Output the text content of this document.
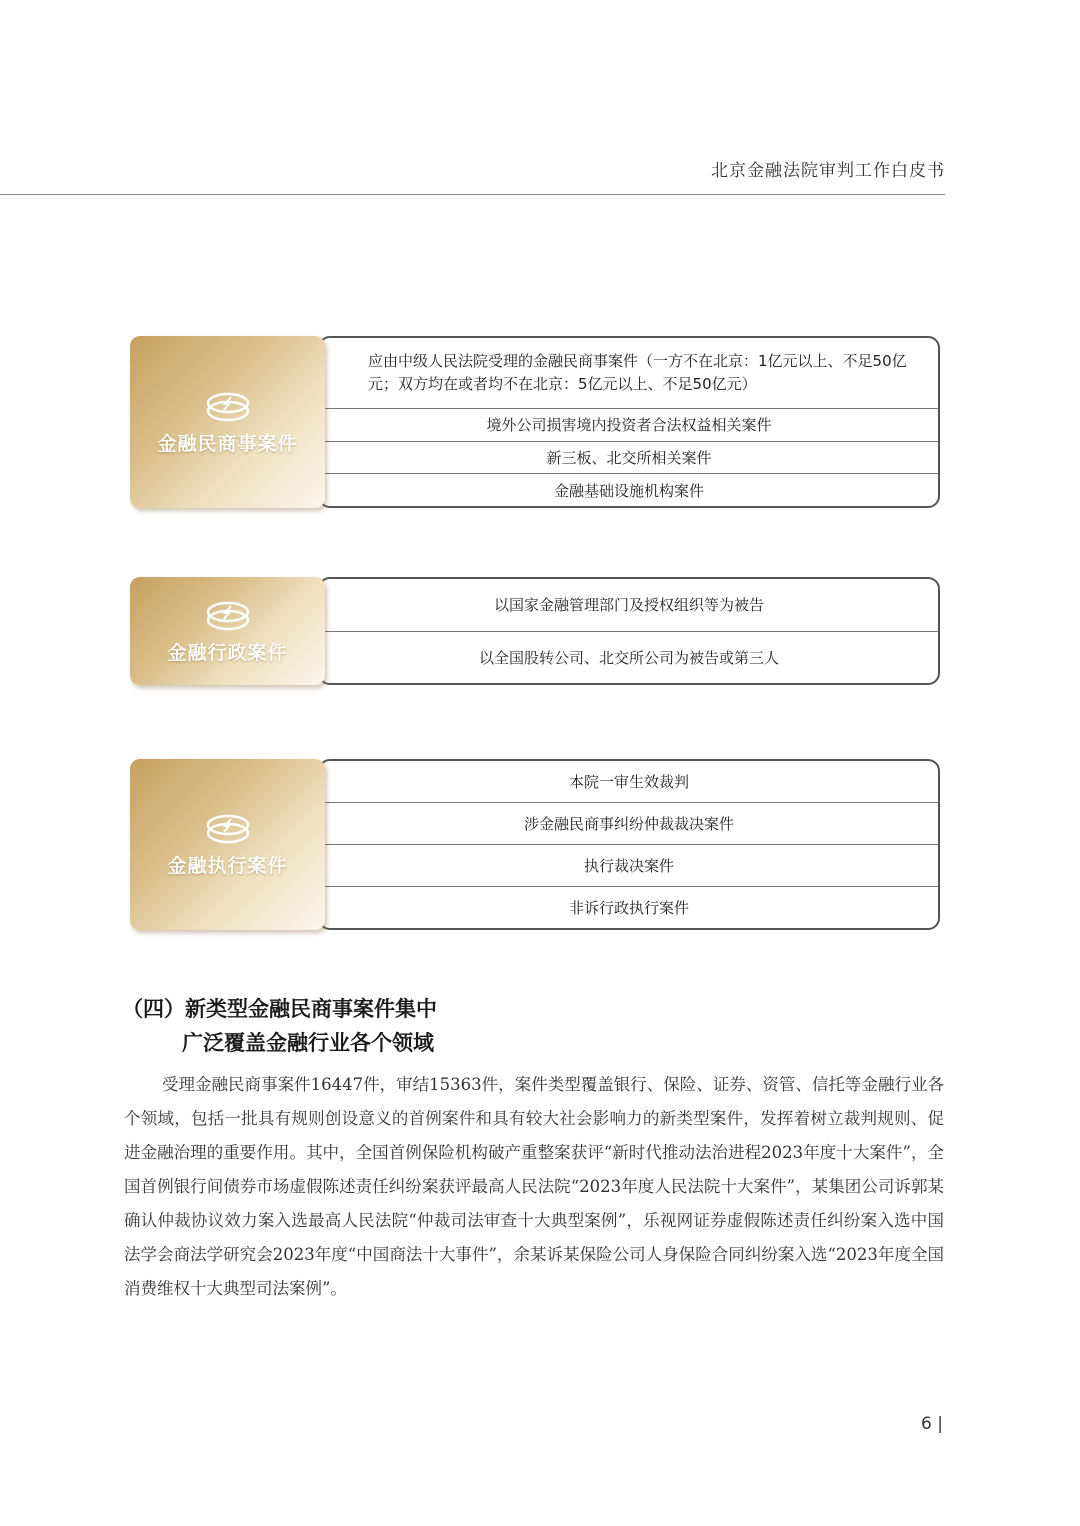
北京金融法院审判工作白皮书
应由中级人民法院受理的金融民商事案件（一方不在北京：1亿元以上、不足50亿元；双方均在或者均不在北京：5亿元以上、不足50亿元）
境外公司损害境内投资者合法权益相关案件
新三板、北交所相关案件
金融基础设施机构案件
金融民商事案件
以国家金融管理部门及授权组织等为被告
以全国股转公司、北交所公司为被告或第三人
金融行政案件
本院一审生效裁判
涉金融民商事纠纷仲裁裁决案件
执行裁决案件
非诉行政执行案件
金融执行案件
（四）新类型金融民商事案件集中
广泛覆盖金融行业各个领域
受理金融民商事案件16447件，审结15363件，案件类型覆盖银行、保险、证券、资管、信托等金融行业各个领域，包括一批具有规则创设意义的首例案件和具有较大社会影响力的新类型案件，发挥着树立裁判规则、促进金融治理的重要作用。其中，全国首例保险机构破产重整案获评“新时代推动法治进程2023年度十大案件”，全国首例银行间债券市场虚假陈述责任纠纷案获评最高人民法院“2023年度人民法院十大案件”，某集团公司诉郭某确认仲裁协议效力案入选最高人民法院“仲裁司法审查十大典型案例”，乐视网证券虚假陈述责任纠纷案入选中国法学会商法学研究会2023年度“中国商法十大事件”，余某诉某保险公司人身保险合同纠纷案入选“2023年度全国消费维权十大典型司法案例”。
6 |
